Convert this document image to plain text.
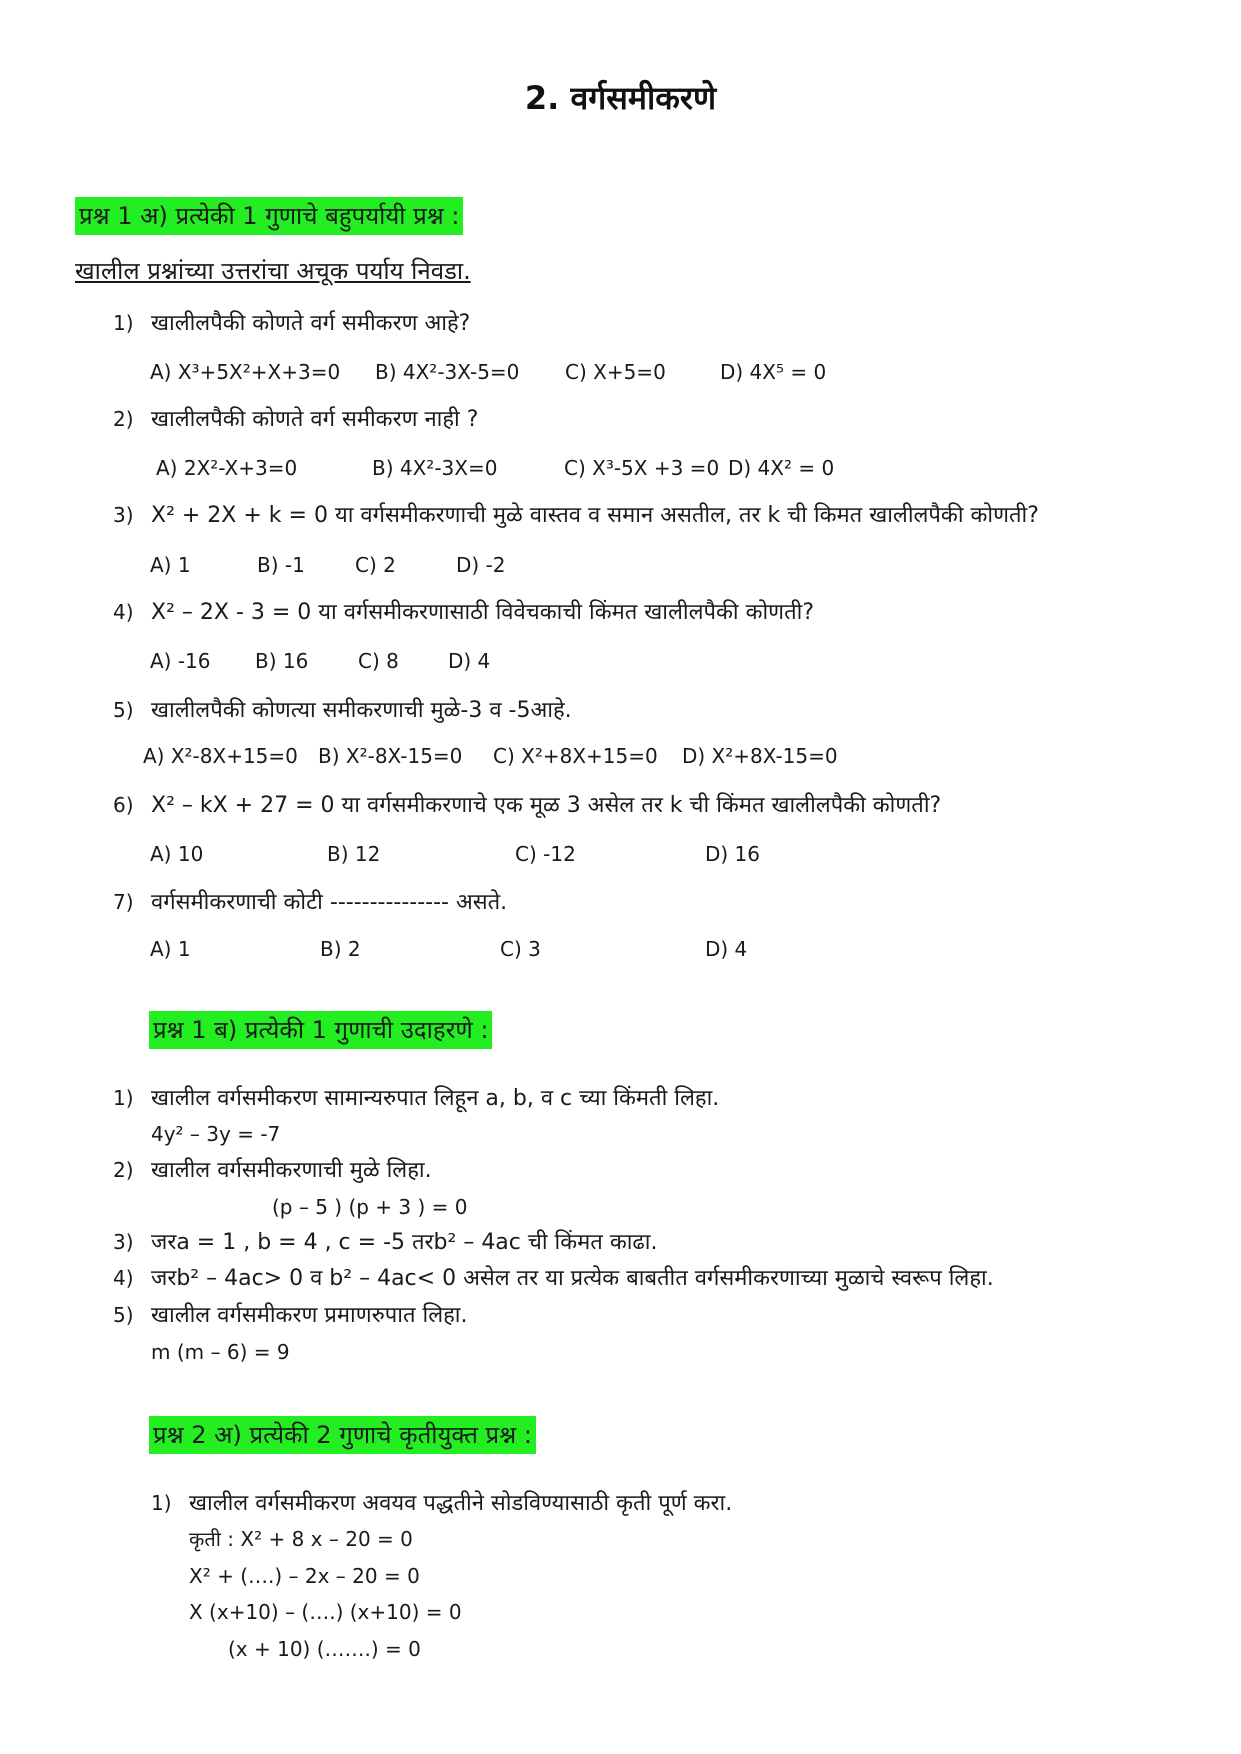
2. वर्गसमीकरणे
प्रश्न 1 अ) प्रत्येकी 1 गुणाचे बहुपर्यायी प्रश्न :
खालील प्रश्नांच्या उत्तरांचा अचूक पर्याय निवडा.
1) खालीलपैकी कोणते वर्ग समीकरण आहे?
A) X³+5X²+X+3=0 B) 4X²-3X-5=0 C) X+5=0	D) 4X⁵ = 0
2) खालीलपैकी कोणते वर्ग समीकरण नाही ?
A) 2X²-X+3=0	B) 4X²-3X=0	C) X³-5X +3 =0 D) 4X² = 0
3) X² + 2X + k = 0 या वर्गसमीकरणाची मुळे वास्तव व समान असतील, तर k ची किमत खालीलपैकी कोणती?
A) 1	B) -1	C) 2	D) -2
4) X² – 2X - 3 = 0 या वर्गसमीकरणासाठी विवेचकाची किंमत खालीलपैकी कोणती?
A) -16 B) 16 C) 8 D) 4
5) खालीलपैकी कोणत्या समीकरणाची मुळे-3 व -5आहे.
A) X²-8X+15=0 B) X²-8X-15=0 C) X²+8X+15=0 D) X²+8X-15=0
6) X² – kX + 27 = 0 या वर्गसमीकरणाचे एक मूळ 3 असेल तर k ची किंमत खालीलपैकी कोणती?
A) 10	B) 12	C) -12	D) 16
7) वर्गसमीकरणाची कोटी --------------- असते.
A) 1	B) 2	C) 3	D) 4
प्रश्न 1 ब) प्रत्येकी 1 गुणाची उदाहरणे :
1) खालील वर्गसमीकरण सामान्यरुपात लिहून a, b, व c च्या किंमती लिहा.
4y² – 3y = -7
2) खालील वर्गसमीकरणाची मुळे लिहा.
(p – 5 ) (p + 3 ) = 0
3) जरa = 1 , b = 4 , c = -5 तरb² – 4ac ची किंमत काढा.
4) जरb² – 4ac> 0 व b² – 4ac< 0 असेल तर या प्रत्येक बाबतीत वर्गसमीकरणाच्या मुळाचे स्वरूप लिहा.
5) खालील वर्गसमीकरण प्रमाणरुपात लिहा.
m (m – 6) = 9
प्रश्न 2 अ) प्रत्येकी 2 गुणाचे कृतीयुक्त प्रश्न :
1) खालील वर्गसमीकरण अवयव पद्धतीने सोडविण्यासाठी कृती पूर्ण करा.
कृती : X² + 8 x – 20 = 0
X² + (….) – 2x – 20 = 0
X (x+10) – (….) (x+10) = 0
(x + 10) (…….) = 0
